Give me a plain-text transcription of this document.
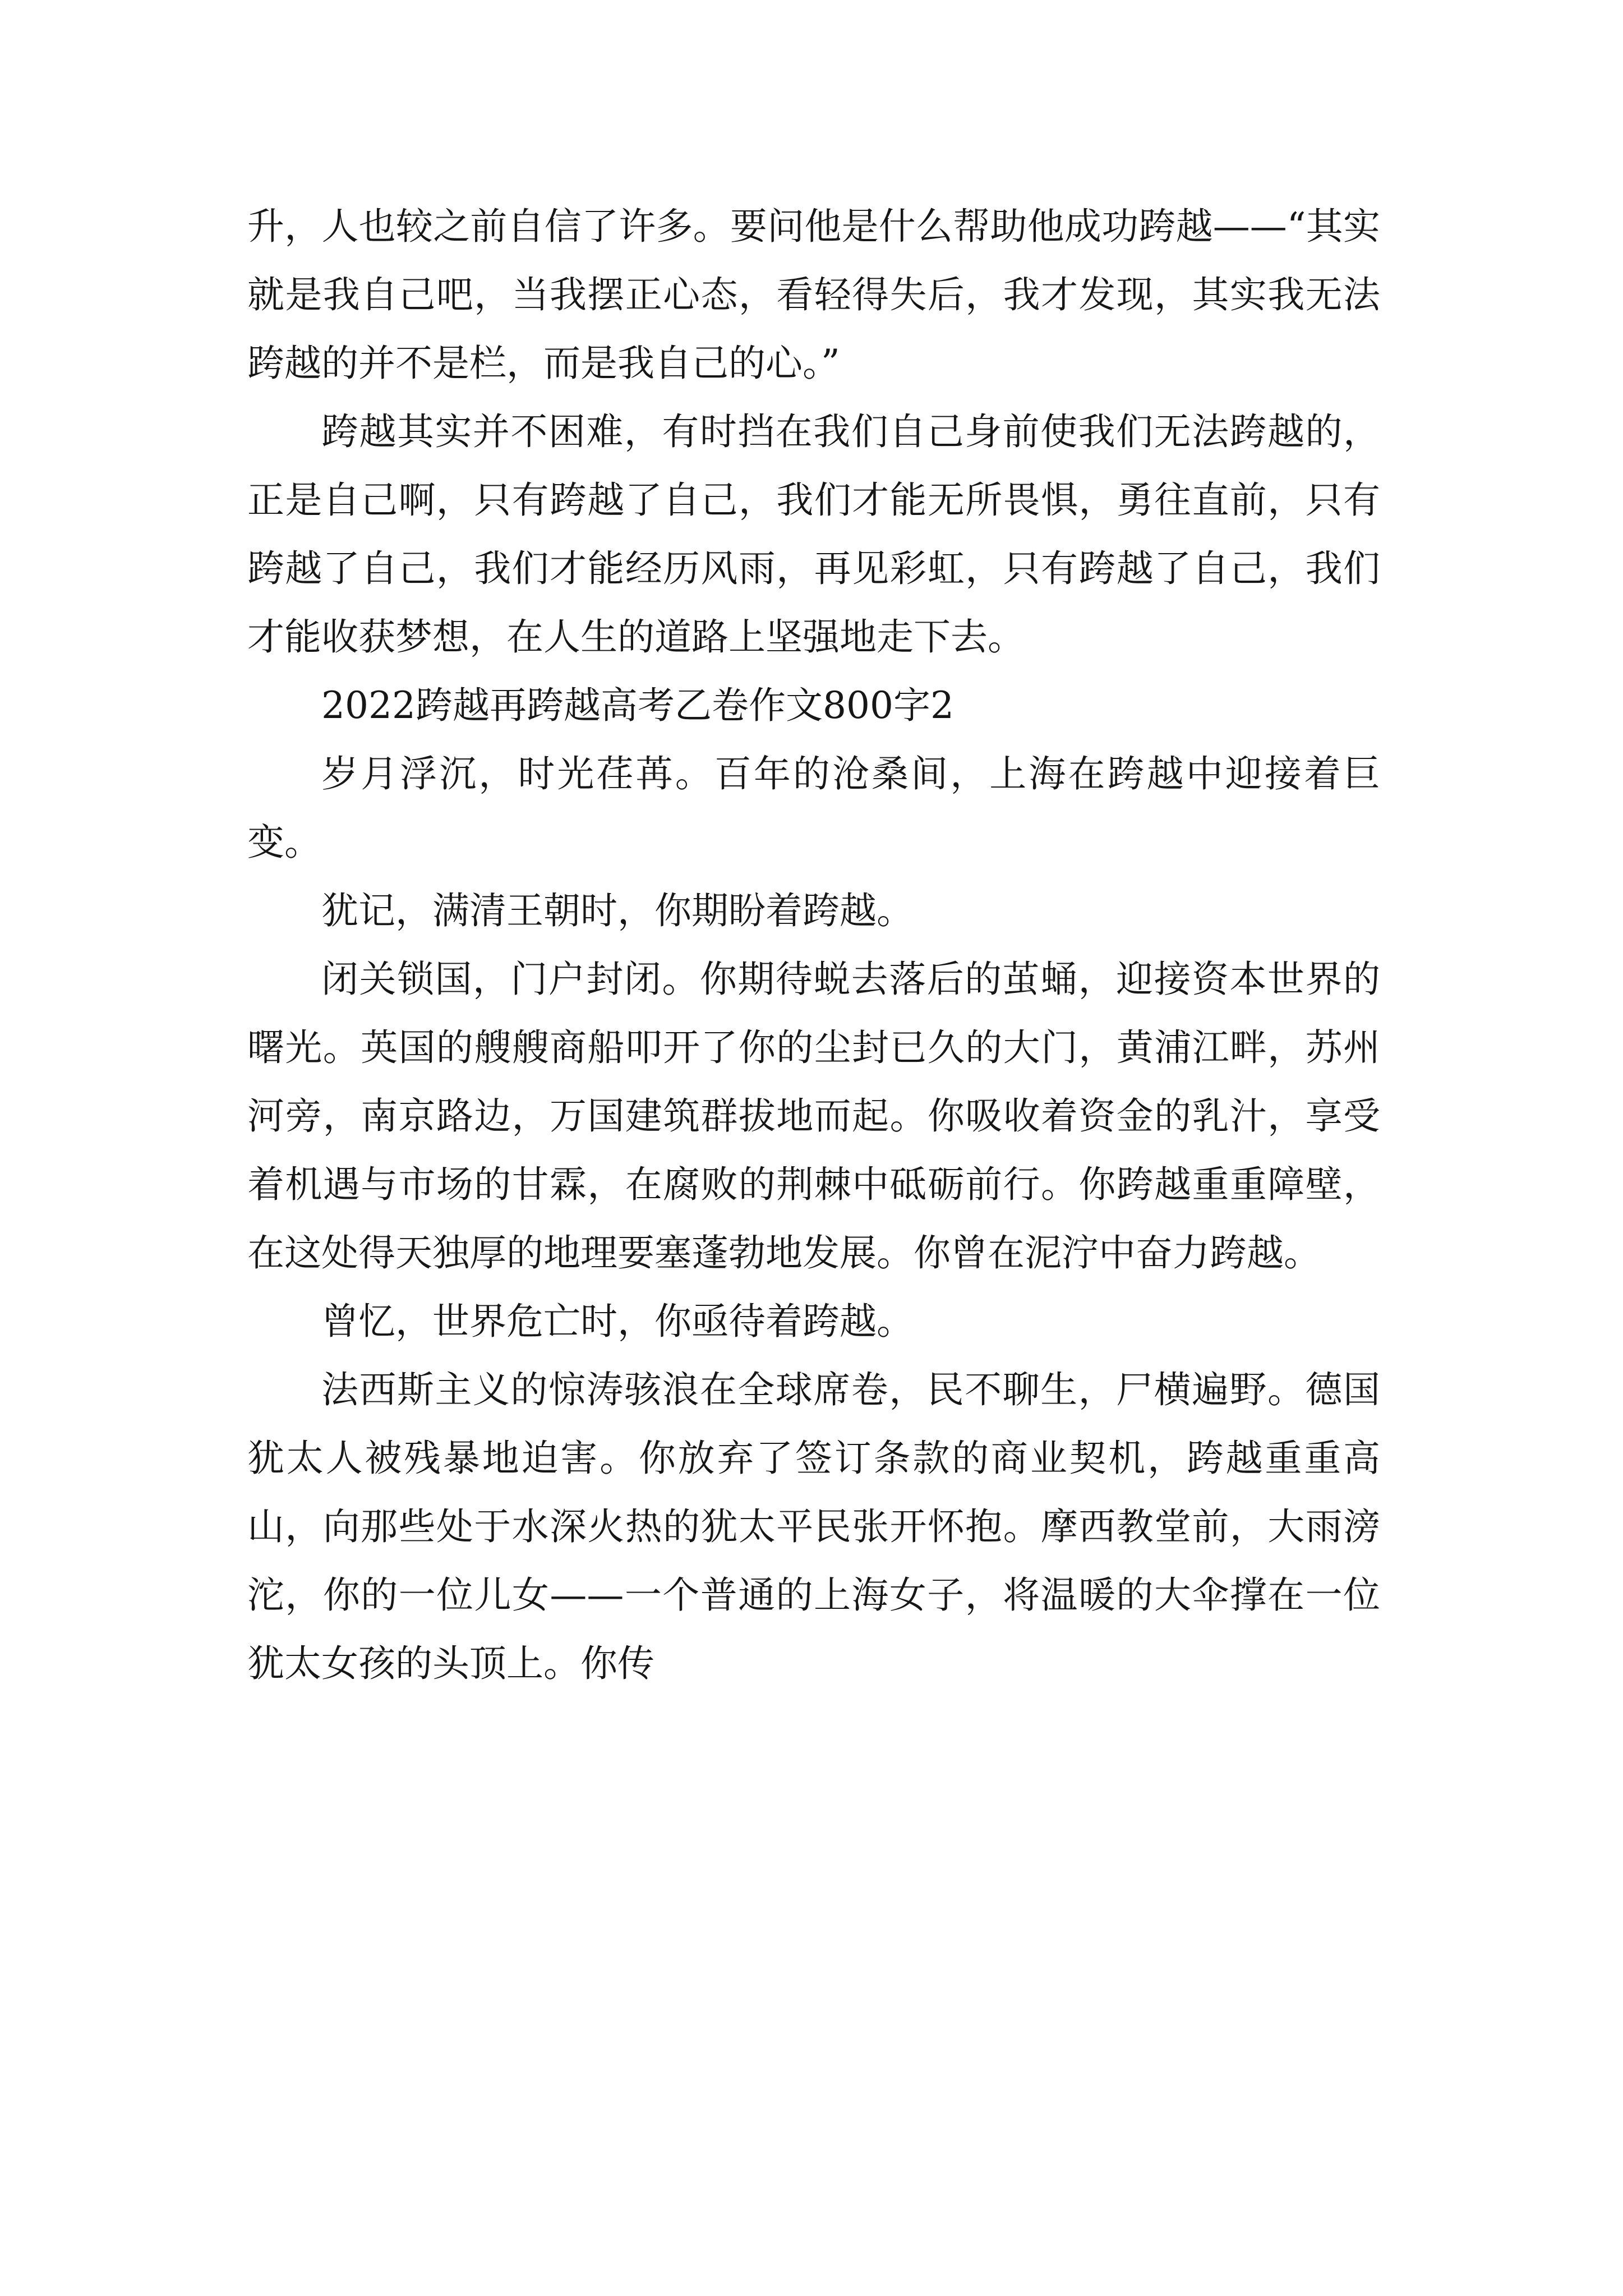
升，人也较之前自信了许多。要问他是什么帮助他成功跨越——“其实就是我自己吧，当我摆正心态，看轻得失后，我才发现，其实我无法跨越的并不是栏，而是我自己的心。”

跨越其实并不困难，有时挡在我们自己身前使我们无法跨越的，正是自己啊，只有跨越了自己，我们才能无所畏惧，勇往直前，只有跨越了自己，我们才能经历风雨，再见彩虹，只有跨越了自己，我们才能收获梦想，在人生的道路上坚强地走下去。

2022跨越再跨越高考乙卷作文800字2

岁月浮沉，时光荏苒。百年的沧桑间，上海在跨越中迎接着巨变。

犹记，满清王朝时，你期盼着跨越。

闭关锁国，门户封闭。你期待蜕去落后的茧蛹，迎接资本世界的曙光。英国的艘艘商船叩开了你的尘封已久的大门，黄浦江畔，苏州河旁，南京路边，万国建筑群拔地而起。你吸收着资金的乳汁，享受着机遇与市场的甘霖，在腐败的荆棘中砥砺前行。你跨越重重障壁，在这处得天独厚的地理要塞蓬勃地发展。你曾在泥泞中奋力跨越。

曾忆，世界危亡时，你亟待着跨越。

法西斯主义的惊涛骇浪在全球席卷，民不聊生，尸横遍野。德国犹太人被残暴地迫害。你放弃了签订条款的商业契机，跨越重重高山，向那些处于水深火热的犹太平民张开怀抱。摩西教堂前，大雨滂沱，你的一位儿女——一个普通的上海女子，将温暖的大伞撑在一位犹太女孩的头顶上。你传
